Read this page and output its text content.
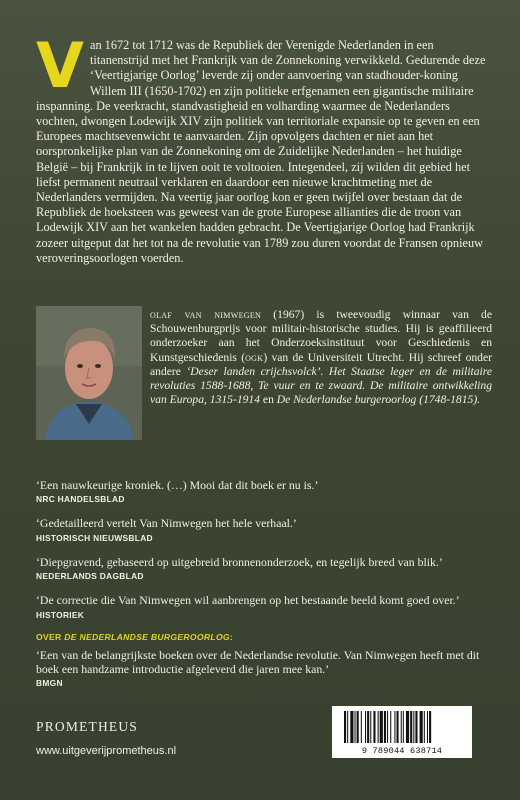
V an 1672 tot 1712 was de Republiek der Verenigde Nederlanden in een titanenstrijd met het Frankrijk van de Zonnekoning verwikkeld. Gedurende deze ‘Veertigjarige Oorlog’ leverde zij onder aanvoering van stadhouder-koning Willem III (1650-1702) en zijn politieke erfgenamen een gigantische militaire inspanning. De veerkracht, standvastigheid en volharding waarmee de Nederlanders vochten, dwongen Lodewijk XIV zijn politiek van territoriale expansie op te geven en een Europees machtsevenwicht te aanvaarden. Zijn opvolgers dachten er niet aan het oorspronkelijke plan van de Zonnekoning om de Zuidelijke Nederlanden – het huidige België – bij Frankrijk in te lijven ooit te voltooien. Integendeel, zij wilden dit gebied het liefst permanent neutraal verklaren en daardoor een nieuwe krachtmeting met de Nederlanders vermijden. Na veertig jaar oorlog kon er geen twijfel over bestaan dat de Republiek de hoeksteen was geweest van de grote Europese allianties die de troon van Lodewijk XIV aan het wankelen hadden gebracht. De Veertigjarige Oorlog had Frankrijk zozeer uitgeput dat het tot na de revolutie van 1789 zou duren voordat de Fransen opnieuw veroveringsoorlogen voerden.
olaf van nimwegen (1967) is tweevoudig winnaar van de Schouwenburgprijs voor militair-historische studies. Hij is geaffilieerd onderzoeker aan het Onderzoeksinstituut voor Geschiedenis en Kunstgeschiedenis (ogk) van de Universiteit Utrecht. Hij schreef onder andere ‘Deser landen crijchsvolck’. Het Staatse leger en de militaire revoluties 1588-1688, Te vuur en te zwaard. De militaire ontwikkeling van Europa, 1315-1914 en De Nederlandse burgeroorlog (1748-1815).
‘Een nauwkeurige kroniek. (…) Mooi dat dit boek er nu is.’
NRC HANDELSBLAD
‘Gedetailleerd vertelt Van Nimwegen het hele verhaal.’
HISTORISCH NIEUWSBLAD
‘Diepgravend, gebaseerd op uitgebreid bronnenonderzoek, en tegelijk breed van blik.’
NEDERLANDS DAGBLAD
‘De correctie die Van Nimwegen wil aanbrengen op het bestaande beeld komt goed over.’
HISTORIEK
OVER DE NEDERLANDSE BURGEROORLOG:
‘Een van de belangrijkste boeken over de Nederlandse revolutie. Van Nimwegen heeft met dit boek een handzame introductie afgeleverd die jaren mee kan.’
BMGN
PROMETHEUS
www.uitgeverijprometheus.nl	9 789044 638714
